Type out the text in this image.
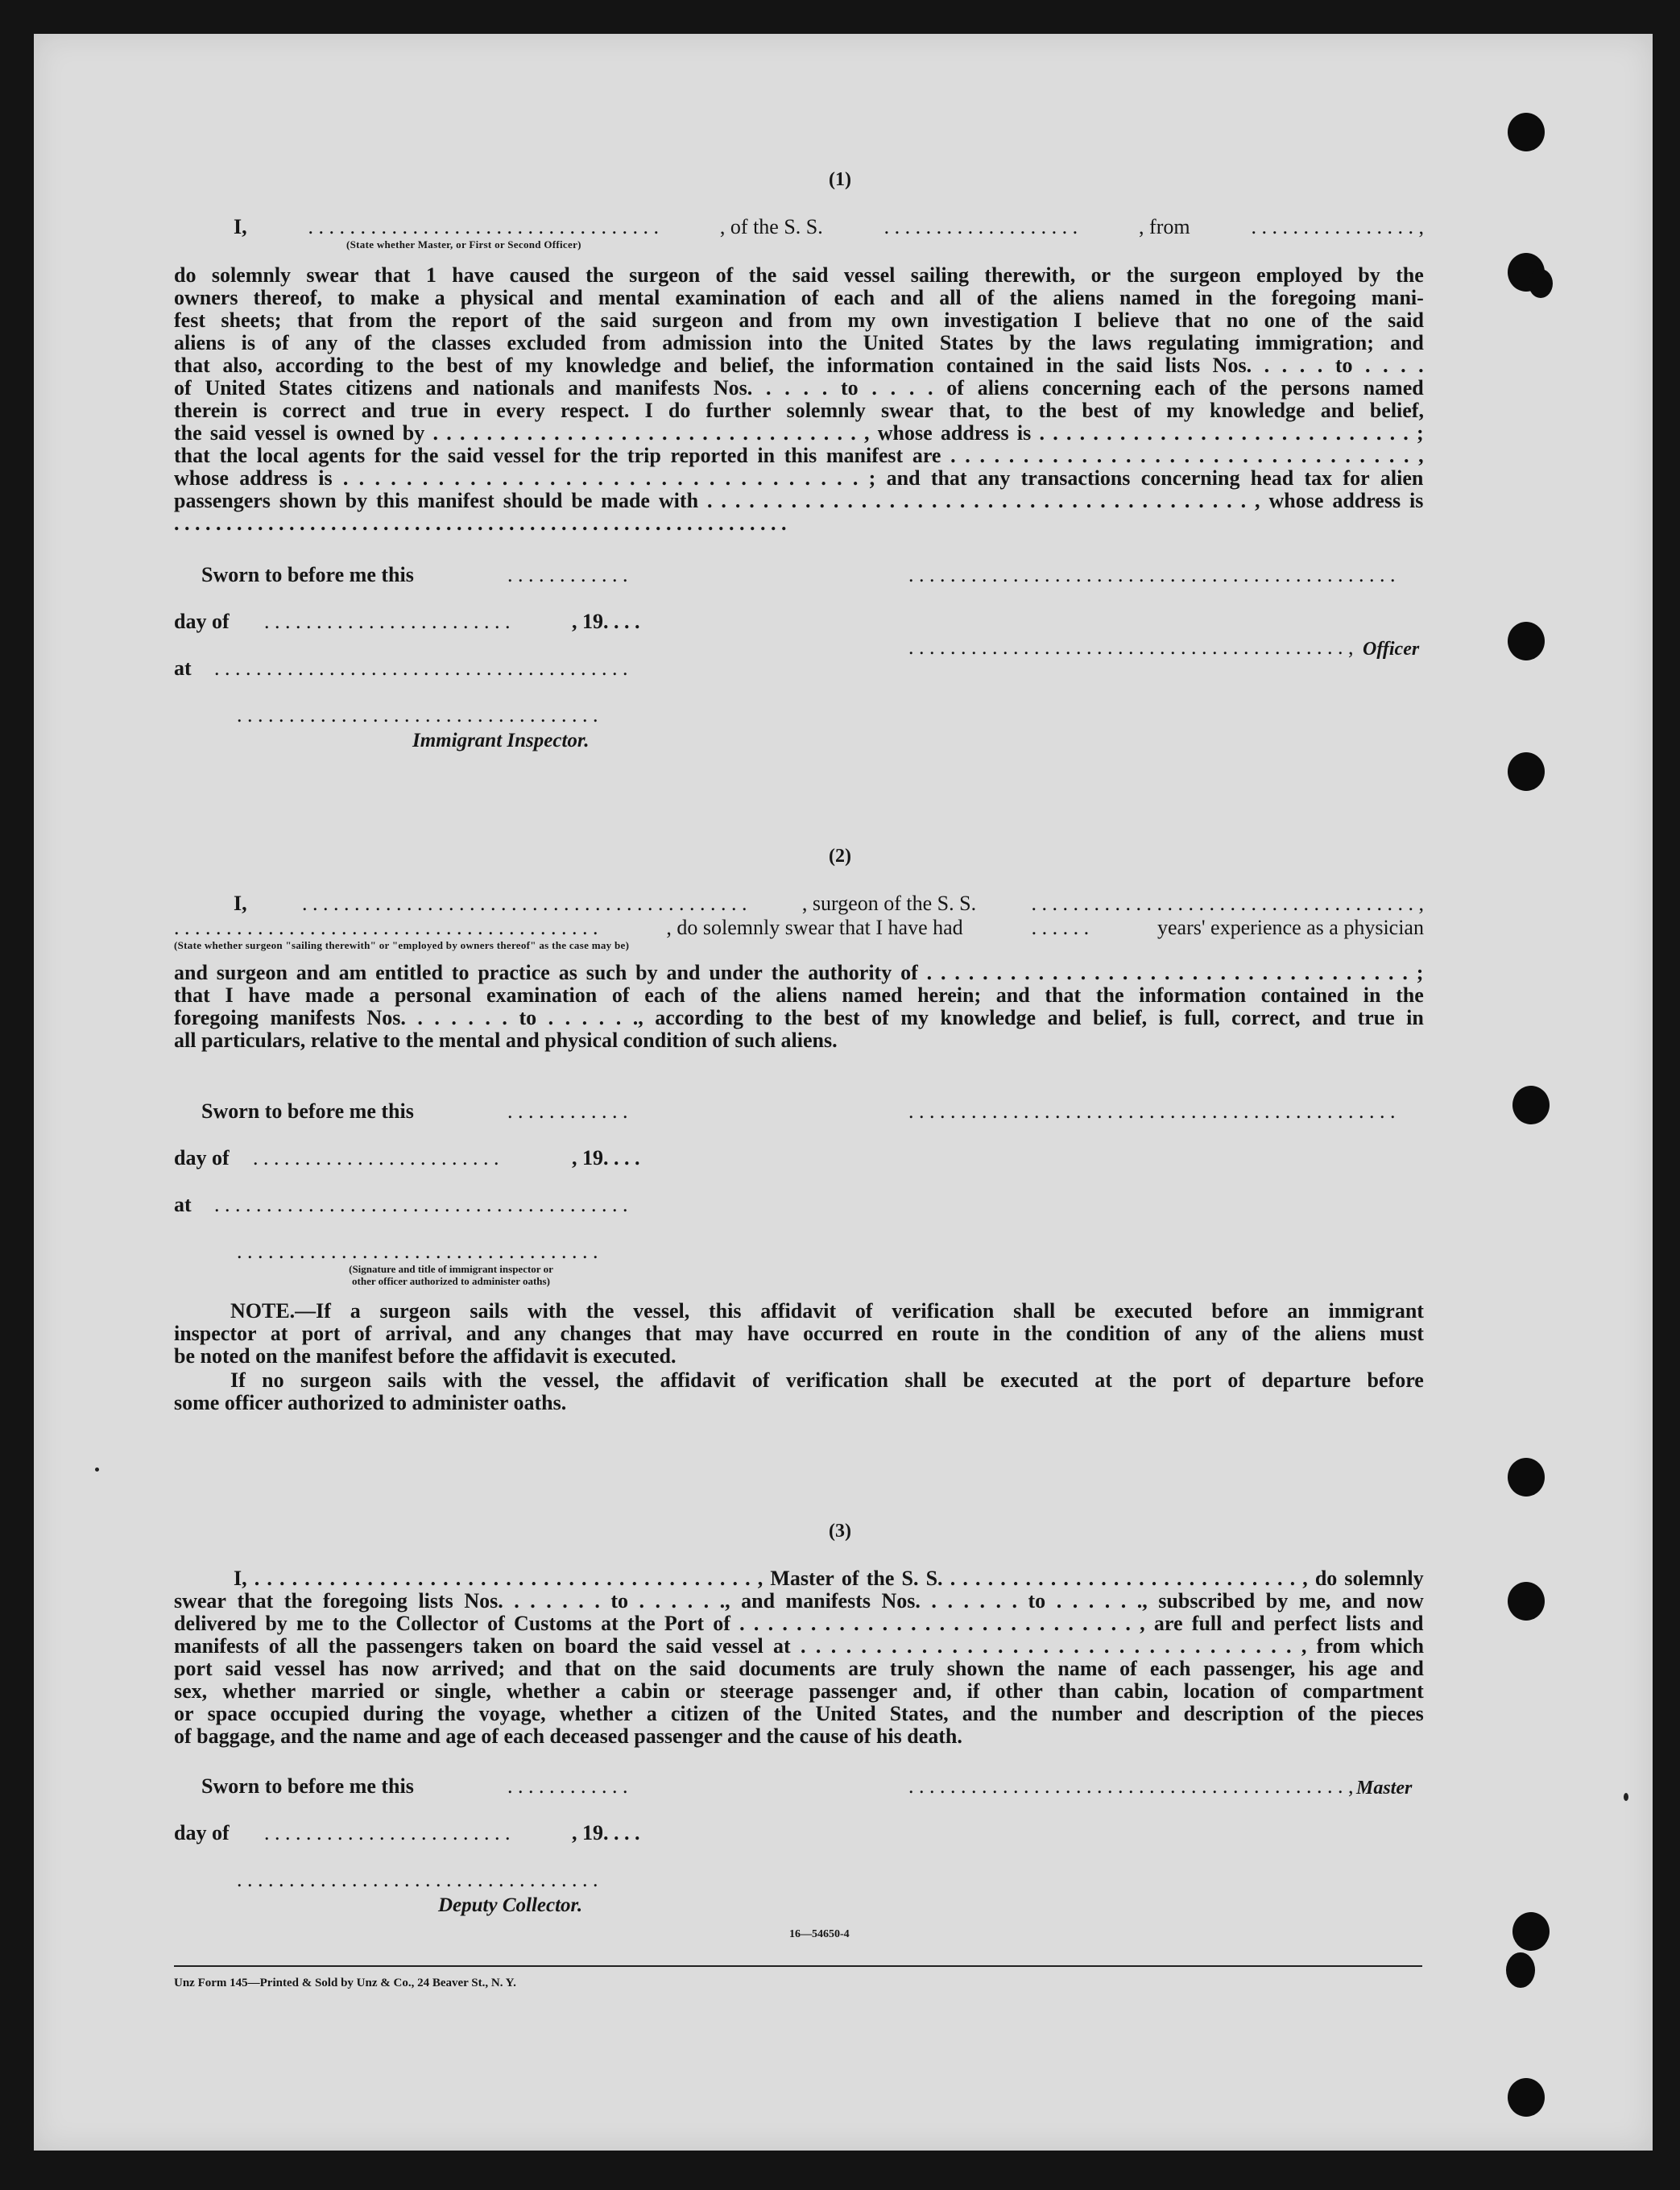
(1)
I,	. . . . . . . . . . . . . . . . . . . . . . . . . . . . . . . . . .	, of the S. S.	. . . . . . . . . . . . . . . . . . .	, from	. . . . . . . . . . . . . . . . ,
(State whether Master, or First or Second Officer)
do solemnly swear that 1 have caused the surgeon of the said vessel sailing therewith, or the surgeon employed by the
owners thereof, to make a physical and mental examination of each and all of the aliens named in the foregoing mani-
fest sheets; that from the report of the said surgeon and from my own investigation I believe that no one of the said
aliens is of any of the classes excluded from admission into the United States by the laws regulating immigration; and
that also, according to the best of my knowledge and belief, the information contained in the said lists Nos. . . . . to . . . .
of United States citizens and nationals and manifests Nos. . . . . to . . . . of aliens concerning each of the persons named
therein is correct and true in every respect. I do further solemnly swear that, to the best of my knowledge and belief,
the said vessel is owned by . . . . . . . . . . . . . . . . . . . . . . . . . . . . . . . . , whose address is . . . . . . . . . . . . . . . . . . . . . . . . . . . . ;
that the local agents for the said vessel for the trip reported in this manifest are . . . . . . . . . . . . . . . . . . . . . . . . . . . . . . . . ,
whose address is . . . . . . . . . . . . . . . . . . . . . . . . . . . . . . . . . ; and that any transactions concerning head tax for alien
passengers shown by this manifest should be made with . . . . . . . . . . . . . . . . . . . . . . . . . . . . . . . . . . . . . . . , whose address is
. . . . . . . . . . . . . . . . . . . . . . . . . . . . . . . . . . . . . . . . . . . . . . . . . . . . . . . . . . .
Sworn to before me this	. . . . . . . . . . . .	. . . . . . . . . . . . . . . . . . . . . . . . . . . . . . . . . . . . . . . . . . . . . . .
day of . . . . . . . . . . . . . . . . . . . . . . . .	, 19. . . .
. . . . . . . . . . . . . . . . . . . . . . . . . . . . . . . . . . . . . . . . . . , Officer
at . . . . . . . . . . . . . . . . . . . . . . . . . . . . . . . . . . . . . . . .
. . . . . . . . . . . . . . . . . . . . . . . . . . . . . . . . . . .
Immigrant Inspector.
(2)
I,	. . . . . . . . . . . . . . . . . . . . . . . . . . . . . . . . . . . . . . . . . . .	, surgeon of the S. S.	. . . . . . . . . . . . . . . . . . . . . . . . . . . . . . . . . . . . . ,
. . . . . . . . . . . . . . . . . . . . . . . . . . . . . . . . . . . . . . . . .	, do solemnly swear that I have had	. . . . . .	years' experience as a physician
(State whether surgeon "sailing therewith" or "employed by owners thereof" as the case may be)
and surgeon and am entitled to practice as such by and under the authority of . . . . . . . . . . . . . . . . . . . . . . . . . . . . . . . . . . . ;
that I have made a personal examination of each of the aliens named herein; and that the information contained in the
foregoing manifests Nos. . . . . . . to . . . . . ., according to the best of my knowledge and belief, is full, correct, and true in
all particulars, relative to the mental and physical condition of such aliens.
Sworn to before me this	. . . . . . . . . . . .	. . . . . . . . . . . . . . . . . . . . . . . . . . . . . . . . . . . . . . . . . . . . . . .
day of . . . . . . . . . . . . . . . . . . . . . . . .	, 19. . . .
at . . . . . . . . . . . . . . . . . . . . . . . . . . . . . . . . . . . . . . . .
. . . . . . . . . . . . . . . . . . . . . . . . . . . . . . . . . . .
(Signature and title of immigrant inspector or
other officer authorized to administer oaths)
NOTE.—If a surgeon sails with the vessel, this affidavit of verification shall be executed before an immigrant
inspector at port of arrival, and any changes that may have occurred en route in the condition of any of the aliens must
be noted on the manifest before the affidavit is executed.
If no surgeon sails with the vessel, the affidavit of verification shall be executed at the port of departure before
some officer authorized to administer oaths.
(3)
I, . . . . . . . . . . . . . . . . . . . . . . . . . . . . . . . . . . . . . . . . , Master of the S. S. . . . . . . . . . . . . . . . . . . . . . . . . . . . . , do solemnly
swear that the foregoing lists Nos. . . . . . . to . . . . . ., and manifests Nos. . . . . . . to . . . . . ., subscribed by me, and now
delivered by me to the Collector of Customs at the Port of . . . . . . . . . . . . . . . . . . . . . . . . . . . . , are full and perfect lists and
manifests of all the passengers taken on board the said vessel at . . . . . . . . . . . . . . . . . . . . . . . . . . . . . . . . . , from which
port said vessel has now arrived; and that on the said documents are truly shown the name of each passenger, his age and
sex, whether married or single, whether a cabin or steerage passenger and, if other than cabin, location of compartment
or space occupied during the voyage, whether a citizen of the United States, and the number and description of the pieces
of baggage, and the name and age of each deceased passenger and the cause of his death.
Sworn to before me this	. . . . . . . . . . . .	. . . . . . . . . . . . . . . . . . . . . . . . . . . . . . . . . . . . . . . . . . , Master
day of . . . . . . . . . . . . . . . . . . . . . . . .	, 19. . . .
. . . . . . . . . . . . . . . . . . . . . . . . . . . . . . . . . . .
Deputy Collector.
16—54650-4
Unz Form 145—Printed & Sold by Unz & Co., 24 Beaver St., N. Y.
